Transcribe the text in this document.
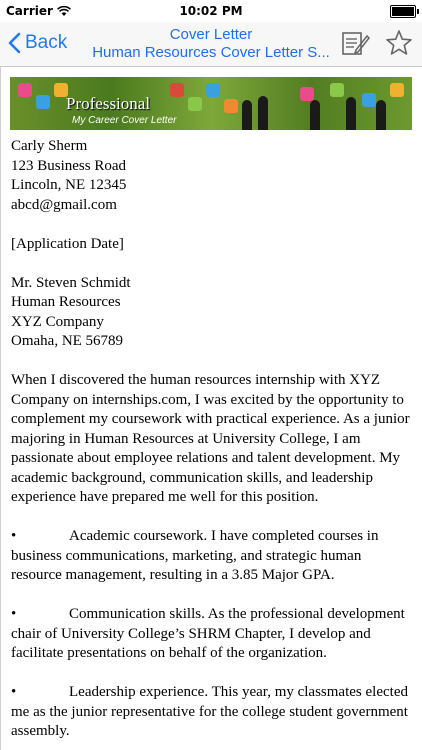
Carrier	10:02 PM
Back	Cover Letter
Human Resources Cover Letter S...
Professional
My Career Cover Letter

Carly Sherm

123 Business Road

Lincoln, NE 12345

abcd@gmail.com

[Application Date]

Mr. Steven Schmidt

Human Resources

XYZ Company

Omaha, NE 56789

When I discovered the human resources internship with XYZ Company on internships.com, I was excited by the opportunity to complement my coursework with practical experience. As a junior majoring in Human Resources at University College, I am passionate about employee relations and talent development. My academic background, communication skills, and leadership experience have prepared me well for this position.

•	Academic coursework. I have completed courses in business communications, marketing, and strategic human resource management, resulting in a 3.85 Major GPA.

•	Communication skills. As the professional development chair of University College’s SHRM Chapter, I develop and facilitate presentations on behalf of the organization.

•	Leadership experience. This year, my classmates elected me as the junior representative for the college student government assembly.
